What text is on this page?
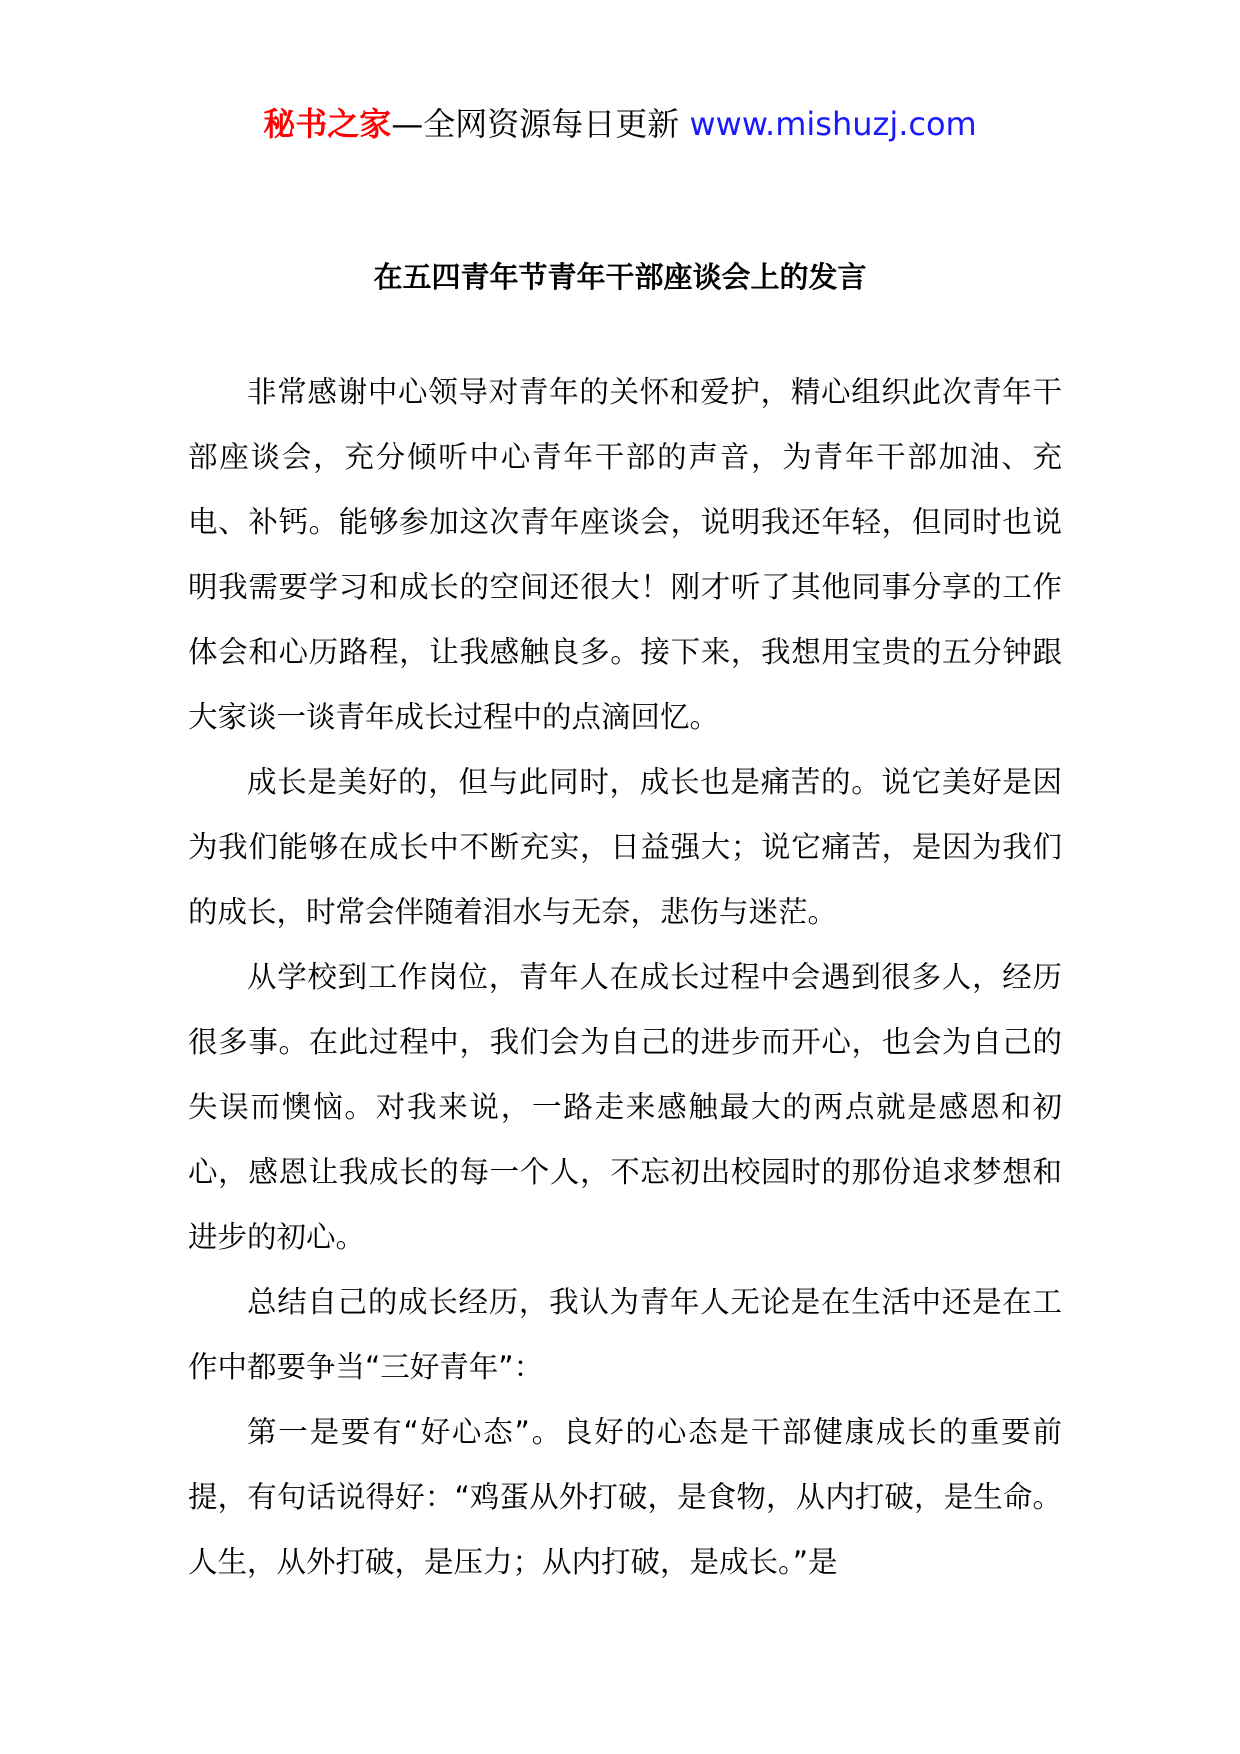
秘书之家—全网资源每日更新 www.mishuzj.com
在五四青年节青年干部座谈会上的发言

非常感谢中心领导对青年的关怀和爱护，精心组织此次青年干部座谈会，充分倾听中心青年干部的声音，为青年干部加油、充电、补钙。能够参加这次青年座谈会，说明我还年轻，但同时也说明我需要学习和成长的空间还很大！刚才听了其他同事分享的工作体会和心历路程，让我感触良多。接下来，我想用宝贵的五分钟跟大家谈一谈青年成长过程中的点滴回忆。

成长是美好的，但与此同时，成长也是痛苦的。说它美好是因为我们能够在成长中不断充实，日益强大；说它痛苦，是因为我们的成长，时常会伴随着泪水与无奈，悲伤与迷茫。

从学校到工作岗位，青年人在成长过程中会遇到很多人，经历很多事。在此过程中，我们会为自己的进步而开心，也会为自己的失误而懊恼。对我来说，一路走来感触最大的两点就是感恩和初心，感恩让我成长的每一个人，不忘初出校园时的那份追求梦想和进步的初心。

总结自己的成长经历，我认为青年人无论是在生活中还是在工作中都要争当“三好青年”：

第一是要有“好心态”。良好的心态是干部健康成长的重要前提，有句话说得好：“鸡蛋从外打破，是食物，从内打破，是生命。人生，从外打破，是压力；从内打破，是成长。”是
